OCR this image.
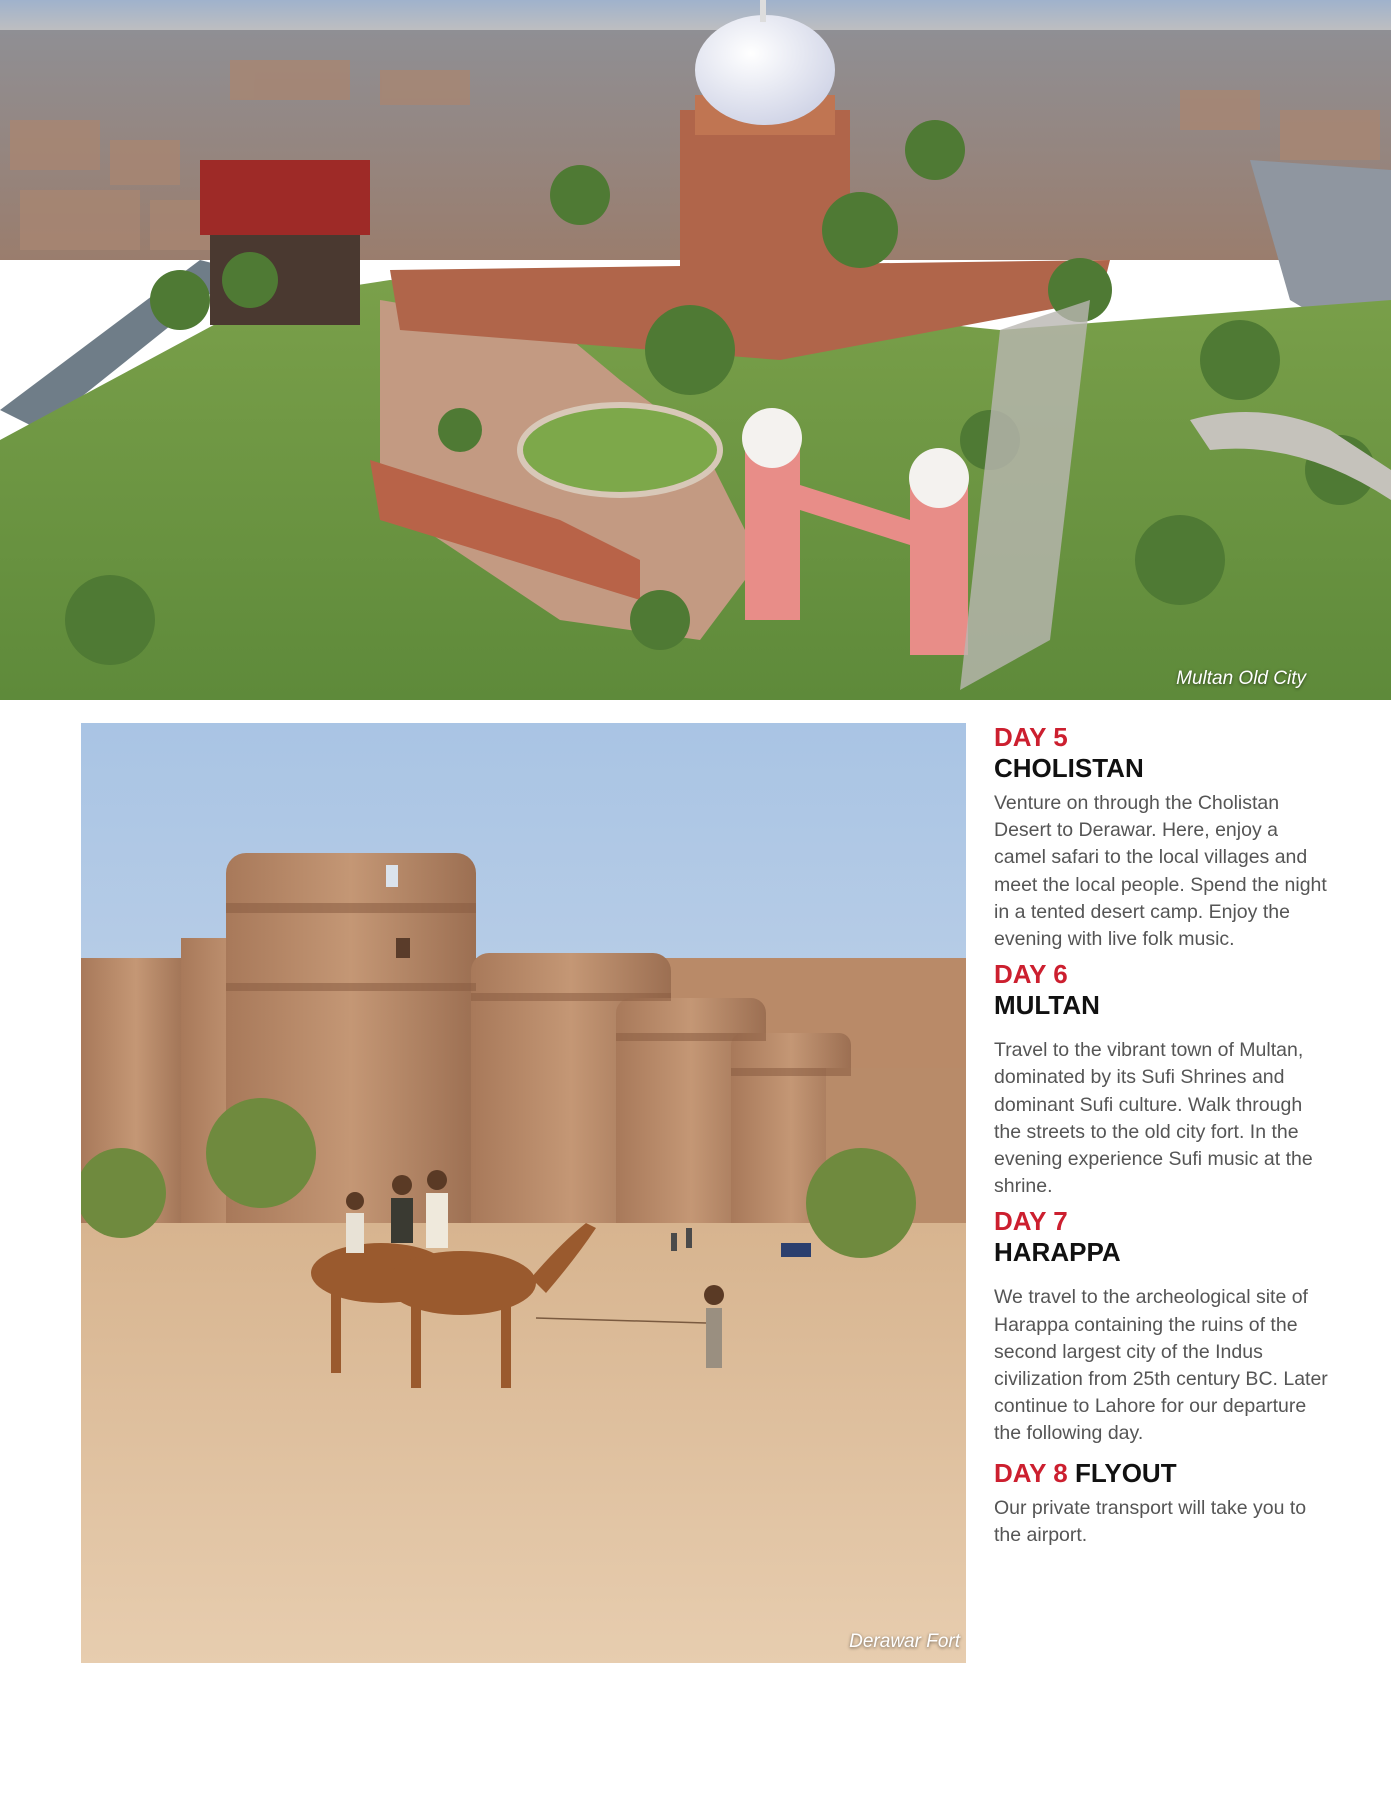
Multan Old City
Derawar Fort
DAY 5
CHOLISTAN

Venture on through the Cholistan Desert to Derawar. Here, enjoy a camel safari to the local villages and meet the local people. Spend the night in a tented desert camp. Enjoy the evening with live folk music.

DAY 6
MULTAN

Travel to the vibrant town of Multan, dominated by its Sufi Shrines and dominant Sufi culture. Walk through the streets to the old city fort. In the evening experience Sufi music at the shrine.

DAY 7
HARAPPA

We travel to the archeological site of Harappa containing the ruins of the second largest city of the Indus civilization from 25th century BC. Later continue to Lahore for our departure the following day.

DAY 8 FLYOUT

Our private transport will take you to the airport.
